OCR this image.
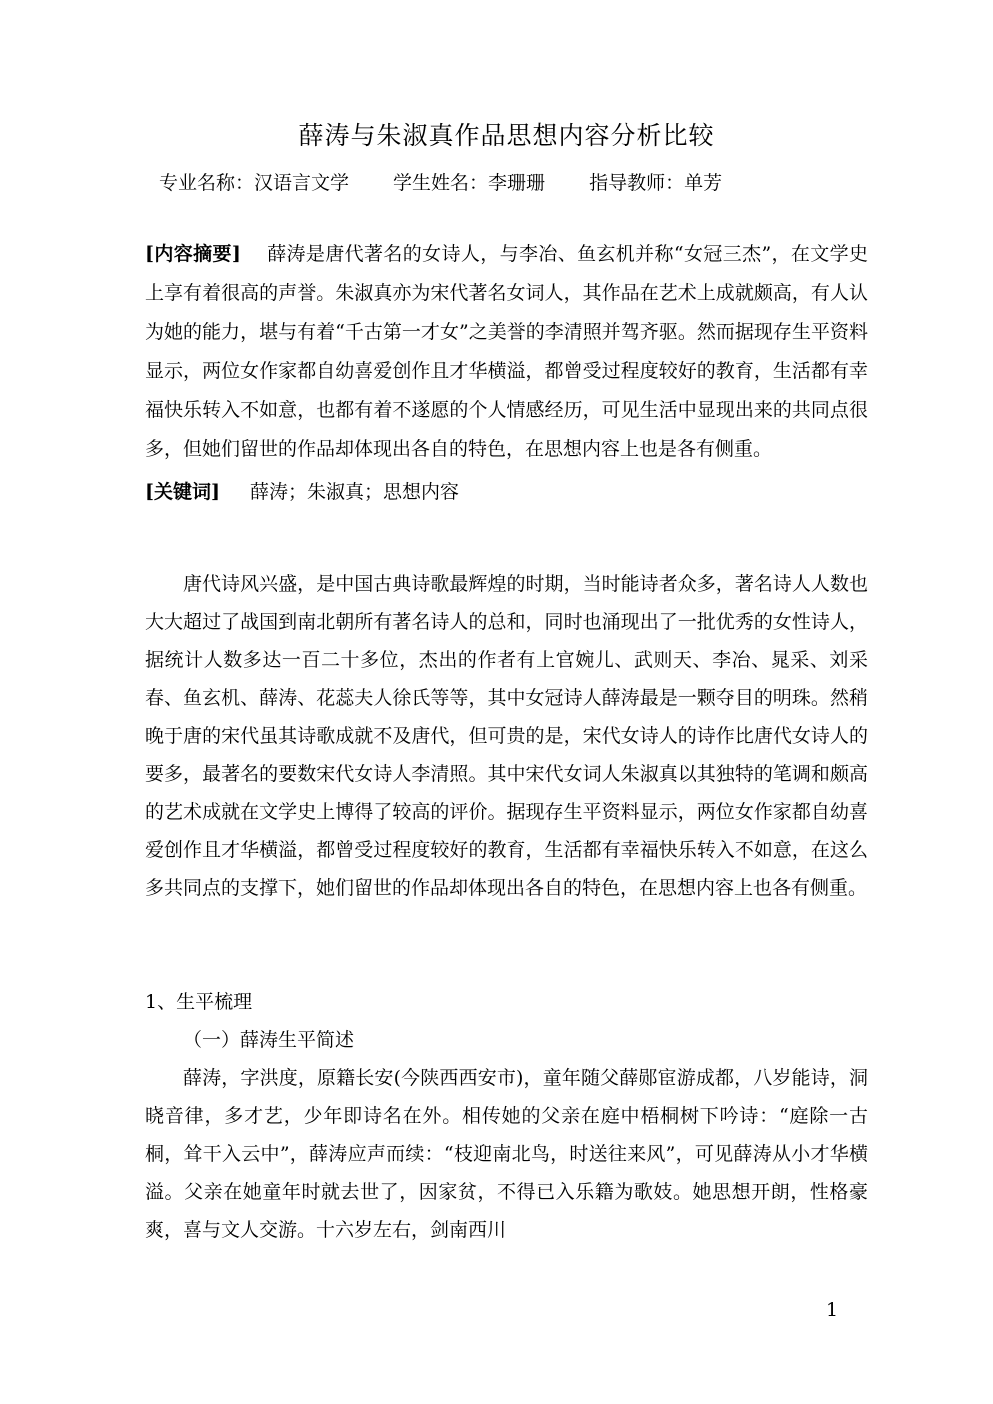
薛涛与朱淑真作品思想内容分析比较
专业名称：汉语言文学 学生姓名：李珊珊 指导教师：单芳

[内容摘要] 薛涛是唐代著名的女诗人，与李冶、鱼玄机并称“女冠三杰”，在文学史上享有着很高的声誉。朱淑真亦为宋代著名女词人，其作品在艺术上成就颇高，有人认为她的能力，堪与有着“千古第一才女”之美誉的李清照并驾齐驱。然而据现存生平资料显示，两位女作家都自幼喜爱创作且才华横溢，都曾受过程度较好的教育，生活都有幸福快乐转入不如意，也都有着不遂愿的个人情感经历，可见生活中显现出来的共同点很多，但她们留世的作品却体现出各自的特色，在思想内容上也是各有侧重。

[关键词] 薛涛；朱淑真；思想内容

唐代诗风兴盛，是中国古典诗歌最辉煌的时期，当时能诗者众多，著名诗人人数也大大超过了战国到南北朝所有著名诗人的总和，同时也涌现出了一批优秀的女性诗人，据统计人数多达一百二十多位，杰出的作者有上官婉儿、武则天、李冶、晁采、刘采春、鱼玄机、薛涛、花蕊夫人徐氏等等，其中女冠诗人薛涛最是一颗夺目的明珠。然稍晚于唐的宋代虽其诗歌成就不及唐代，但可贵的是，宋代女诗人的诗作比唐代女诗人的要多，最著名的要数宋代女诗人李清照。其中宋代女词人朱淑真以其独特的笔调和颇高的艺术成就在文学史上博得了较高的评价。据现存生平资料显示，两位女作家都自幼喜爱创作且才华横溢，都曾受过程度较好的教育，生活都有幸福快乐转入不如意，在这么多共同点的支撑下，她们留世的作品却体现出各自的特色，在思想内容上也各有侧重。

1、生平梳理

（一）薛涛生平简述

薛涛，字洪度，原籍长安(今陕西西安市)，童年随父薛郧宦游成都，八岁能诗，洞晓音律，多才艺，少年即诗名在外。相传她的父亲在庭中梧桐树下吟诗：“庭除一古桐，耸干入云中”，薛涛应声而续：“枝迎南北鸟，时送往来风”，可见薛涛从小才华横溢。父亲在她童年时就去世了，因家贫，不得已入乐籍为歌妓。她思想开朗，性格豪爽，喜与文人交游。十六岁左右，剑南西川

1
